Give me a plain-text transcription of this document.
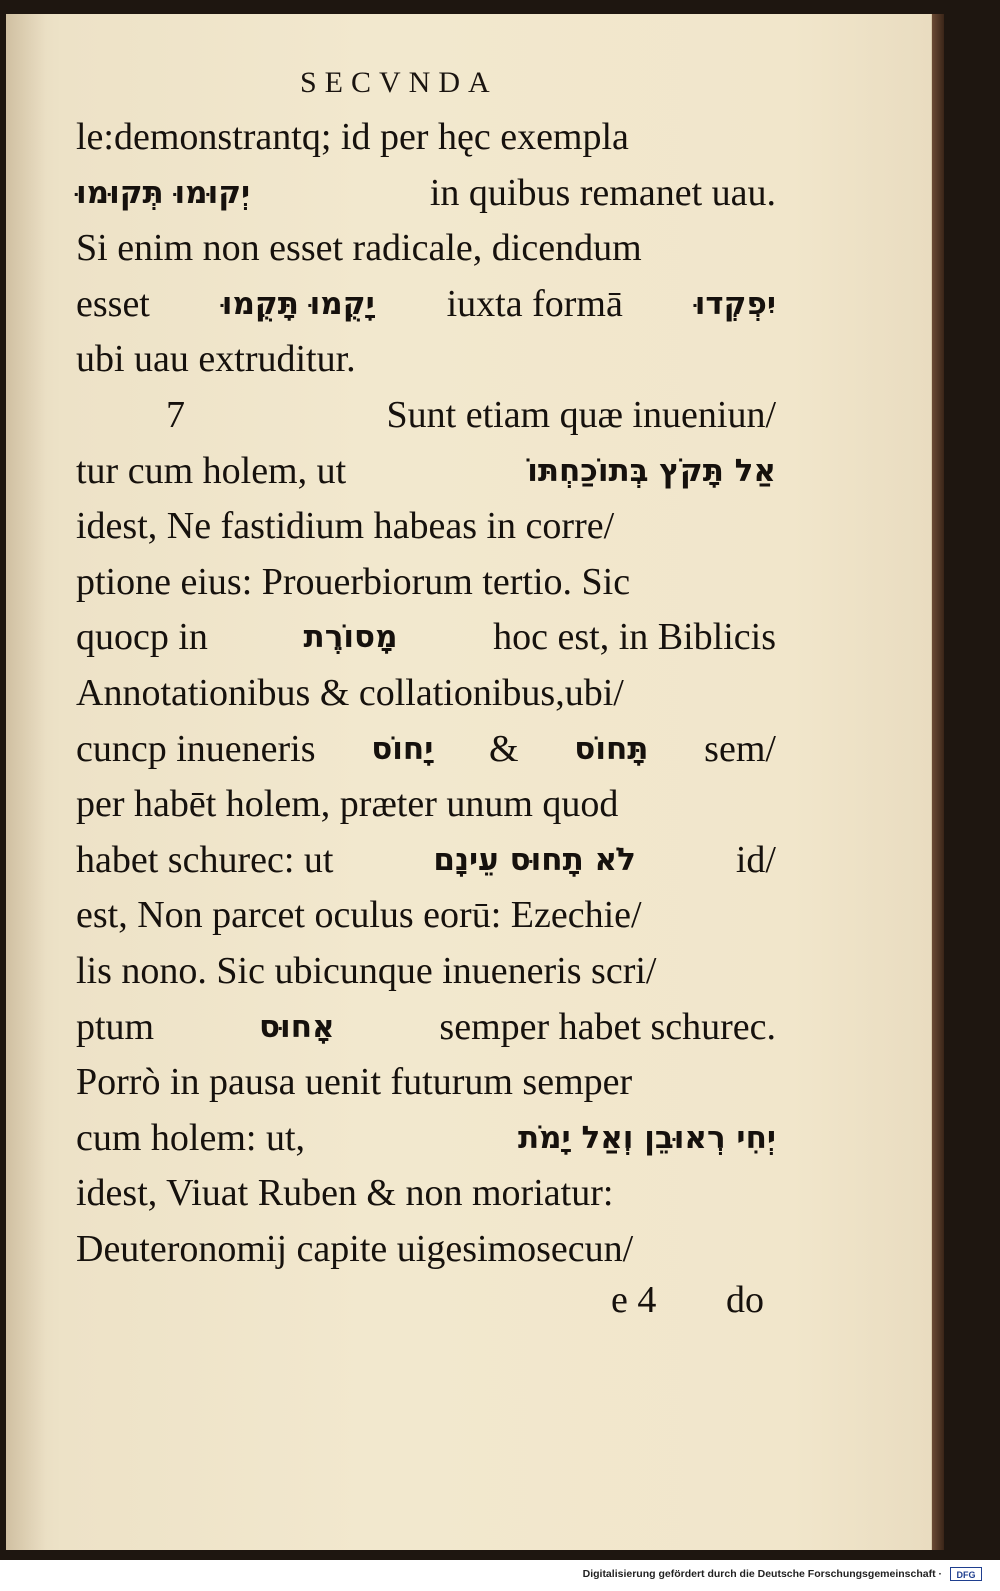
SECVNDA
le:demonstrantq; id per hęc exempla
יְקוּמוּ תְּקוּמוּ	in quibus remanet uau.
Si enim non esset radicale, dicendum
esset יָקֻמוּ תָּקֻמוּ iuxta formā יִפְקְדוּ
ubi uau extruditur.
7	Sunt etiam quæ inueniun/
tur cum holem, ut	אַל תָּקֹץ בְּתוֹכַחְתּוֹ
idest, Ne fastidium habeas in corre/
ptione eius: Prouerbiorum tertio. Sic
quocp in	מָסוֹרֶת	hoc est, in Biblicis
Annotationibus & collationibus,ubi/
cuncp inueneris יָחוֹס & תָּחוֹס sem/
per habēt holem, præter unum quod
habet schurec: ut	לֹא תָחוּס עֵינָם	id/
est, Non parcet oculus eorū: Ezechie/
lis nono. Sic ubicunque inueneris scri/
ptum	אָחוּס	semper habet schurec.
Porrò in pausa uenit futurum semper
cum holem: ut,	יְחִי רְאוּבֵן וְאַל יָמֹת
idest, Viuat Ruben & non moriatur:
Deuteronomij capite uigesimosecun/
e 4 do
Digitalisierung gefördert durch die Deutsche Forschungsgemeinschaft ·	DFG
